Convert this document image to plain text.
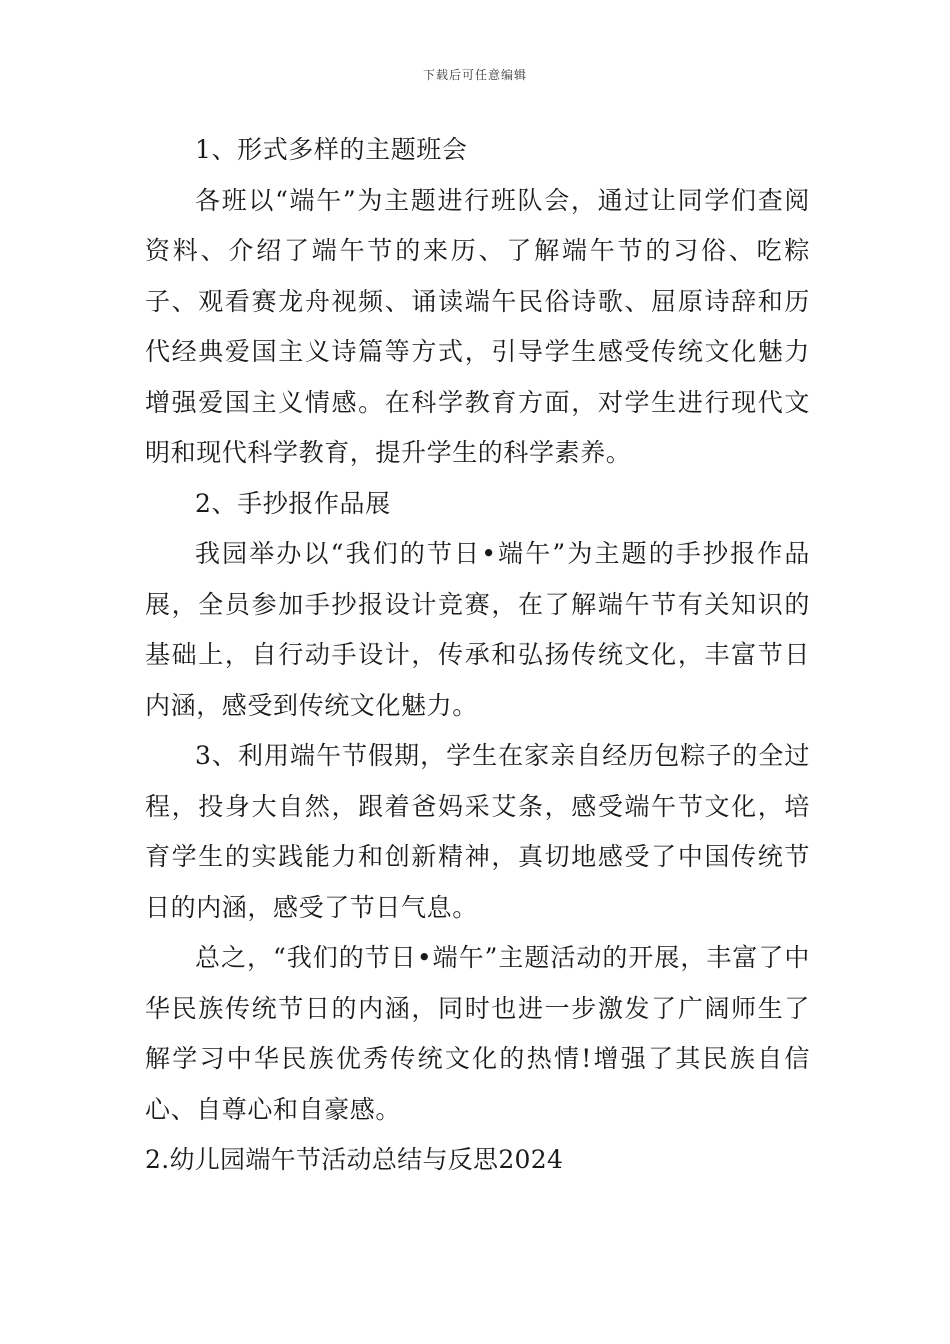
下载后可任意编辑

1、形式多样的主题班会

各班以“端午”为主题进行班队会，通过让同学们查阅资料、介绍了端午节的来历、了解端午节的习俗、吃粽子、观看赛龙舟视频、诵读端午民俗诗歌、屈原诗辞和历代经典爱国主义诗篇等方式，引导学生感受传统文化魅力增强爱国主义情感。在科学教育方面，对学生进行现代文明和现代科学教育，提升学生的科学素养。

2、手抄报作品展

我园举办以“我们的节日•端午”为主题的手抄报作品展，全员参加手抄报设计竞赛，在了解端午节有关知识的基础上，自行动手设计，传承和弘扬传统文化，丰富节日内涵，感受到传统文化魅力。

3、利用端午节假期，学生在家亲自经历包粽子的全过程，投身大自然，跟着爸妈采艾条，感受端午节文化，培育学生的实践能力和创新精神，真切地感受了中国传统节日的内涵，感受了节日气息。

总之，“我们的节日•端午”主题活动的开展，丰富了中华民族传统节日的内涵，同时也进一步激发了广阔师生了解学习中华民族优秀传统文化的热情!增强了其民族自信心、自尊心和自豪感。

2.幼儿园端午节活动总结与反思2024
